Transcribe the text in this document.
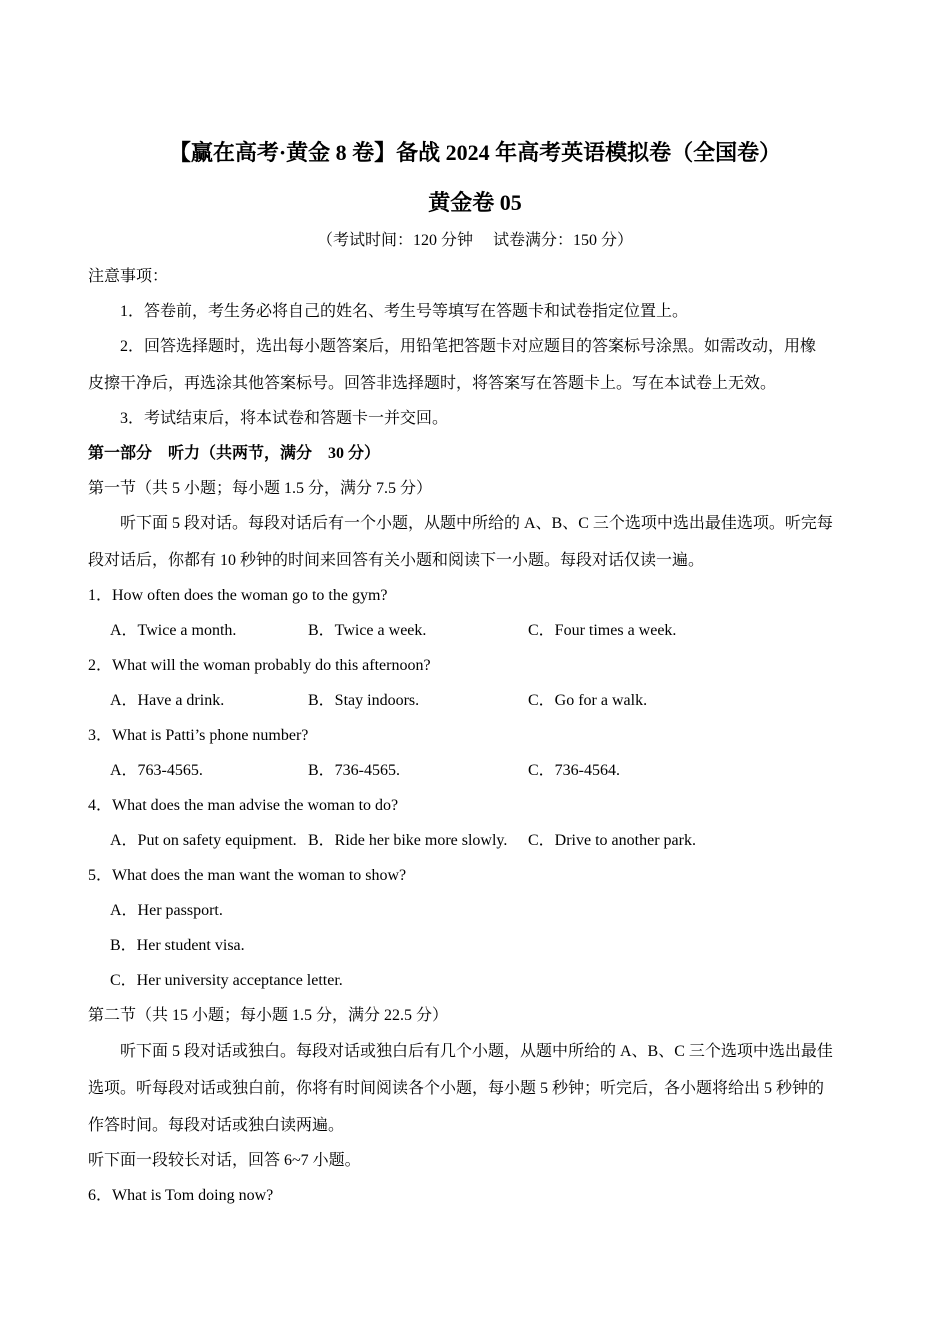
【赢在高考·黄金 8 卷】备战 2024 年高考英语模拟卷（全国卷）
黄金卷 05
（考试时间：120 分钟　 试卷满分：150 分）
注意事项：
1．答卷前，考生务必将自己的姓名、考生号等填写在答题卡和试卷指定位置上。
2．回答选择题时，选出每小题答案后，用铅笔把答题卡对应题目的答案标号涂黑。如需改动，用橡
皮擦干净后，再选涂其他答案标号。回答非选择题时，将答案写在答题卡上。写在本试卷上无效。
3．考试结束后，将本试卷和答题卡一并交回。
第一部分　听力（共两节，满分　30 分）
第一节（共 5 小题；每小题 1.5 分，满分 7.5 分）
听下面 5 段对话。每段对话后有一个小题，从题中所给的 A、B、C 三个选项中选出最佳选项。听完每
段对话后，你都有 10 秒钟的时间来回答有关小题和阅读下一小题。每段对话仅读一遍。
1．How often does the woman go to the gym?
A．Twice a month.	B．Twice a week.	C．Four times a week.
2．What will the woman probably do this afternoon?
A．Have a drink.	B．Stay indoors.	C．Go for a walk.
3．What is Patti’s phone number?
A．763-4565.	B．736-4565.	C．736-4564.
4．What does the man advise the woman to do?
A．Put on safety equipment. B．Ride her bike more slowly. C．Drive to another park.
5．What does the man want the woman to show?
A．Her passport.
B．Her student visa.
C．Her university acceptance letter.
第二节（共 15 小题；每小题 1.5 分，满分 22.5 分）
听下面 5 段对话或独白。每段对话或独白后有几个小题，从题中所给的 A、B、C 三个选项中选出最佳
选项。听每段对话或独白前，你将有时间阅读各个小题，每小题 5 秒钟；听完后，各小题将给出 5 秒钟的
作答时间。每段对话或独白读两遍。
听下面一段较长对话，回答 6~7 小题。
6．What is Tom doing now?
